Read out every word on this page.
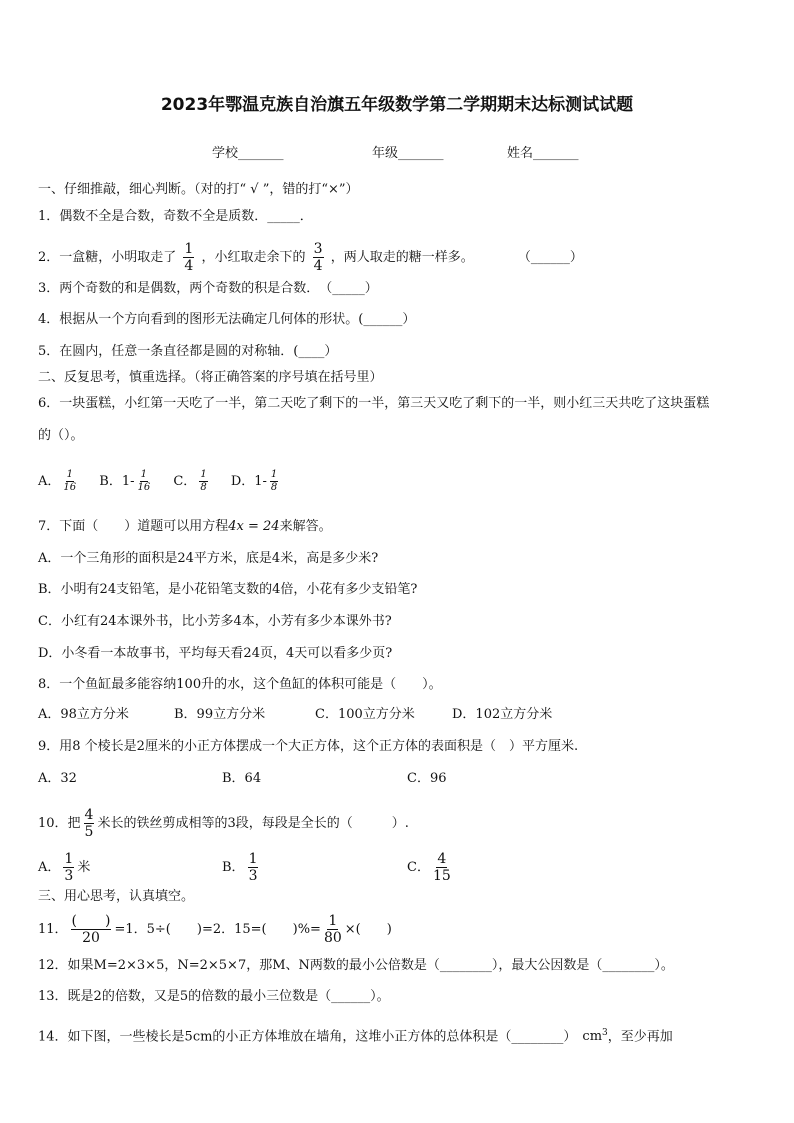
2023年鄂温克族自治旗五年级数学第二学期期末达标测试试题
学校_______	年级_______	姓名_______
一、仔细推敲，细心判断。（对的打“ √ ”，错的打“×”）
1．偶数不全是合数，奇数不全是质数．_____．
2．一盒糖，小明取走了 $\frac{1}{4}$ ，小红取走余下的 $\frac{3}{4}$ ，两人取走的糖一样多。	（______）
3．两个奇数的和是偶数，两个奇数的积是合数．　（_____）
4．根据从一个方向看到的图形无法确定几何体的形状。(______）
5．在圆内，任意一条直径都是圆的对称轴．(____）
二、反复思考，慎重选择。（将正确答案的序号填在括号里）
6．一块蛋糕，小红第一天吃了一半，第二天吃了剩下的一半，第三天又吃了剩下的一半，则小红三天共吃了这块蛋糕
的（）。
A． $\frac{1}{16}$ B．$1- \frac{1}{16}$ C． $\frac{1}{8}$ D．$1- \frac{1}{8}$
7．下面（　　）道题可以用方程4x = 24来解答。
A．一个三角形的面积是24平方米，底是4米，高是多少米?
B．小明有24支铅笔，是小花铅笔支数的4倍，小花有多少支铅笔?
C．小红有24本课外书，比小芳多4本，小芳有多少本课外书?
D．小冬看一本故事书，平均每天看24页，4天可以看多少页?
8．一个鱼缸最多能容纳100升的水，这个鱼缸的体积可能是（　　）。
A．98立方分米	B．99立方分米	C．100立方分米	D．102立方分米
9．用8 个棱长是2厘米的小正方体摆成一个大正方体，这个正方体的表面积是（　）平方厘米.
A．32	B．64	C．96
10．把 $\frac{4}{5}$ 米长的铁丝剪成相等的3段，每段是全长的（　　　）.
A． $\frac{1}{3}$ 米	B． $\frac{1}{3}$	C． $\frac{4}{15}$
三、用心思考，认真填空。
11． $\frac{( )}{20} =1$．5÷(　　)=2．15=(　　)%= $\frac{1}{80}$ ×(　　)
12．如果M=2×3×5，N=2×5×7，那M、N两数的最小公倍数是（________），最大公因数是（________）。
13．既是2的倍数，又是5的倍数的最小三位数是（______）。
14．如下图，一些棱长是5cm的小正方体堆放在墙角，这堆小正方体的总体积是（________） $cm^3$，至少再加
